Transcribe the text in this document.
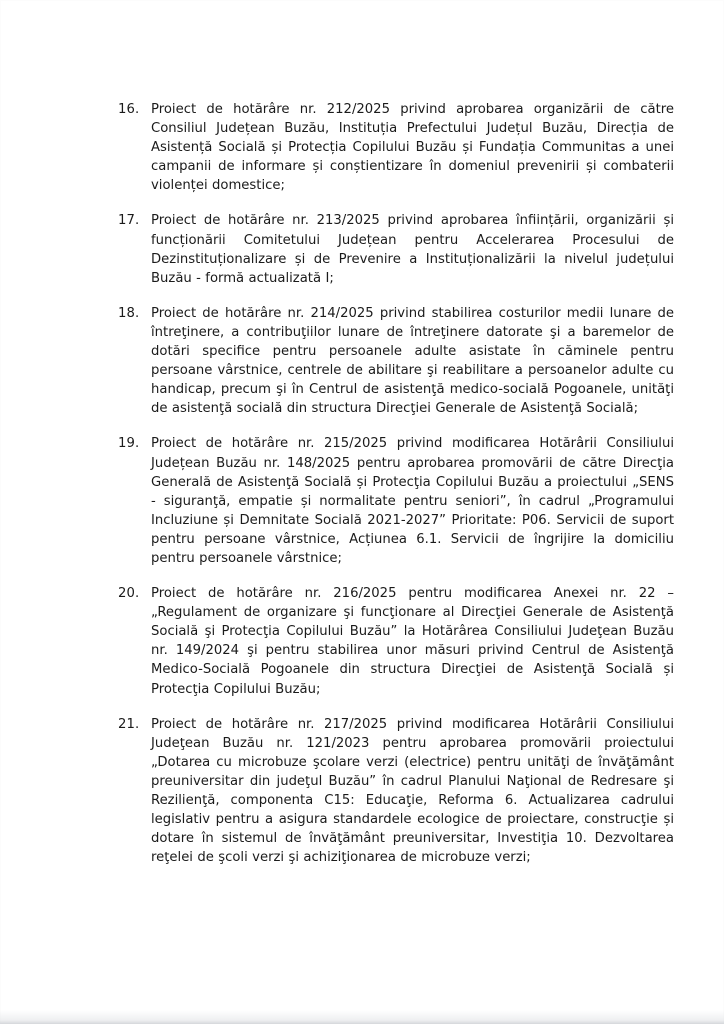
16. Proiect de hotărâre nr. 212/2025 privind aprobarea organizării de către Consiliul Județean Buzău, Instituția Prefectului Județul Buzău, Direcția de Asistență Socială și Protecția Copilului Buzău și Fundația Communitas a unei campanii de informare și conștientizare în domeniul prevenirii și combaterii violenței domestice;
17. Proiect de hotărâre nr. 213/2025 privind aprobarea înființării, organizării și funcționării Comitetului Județean pentru Accelerarea Procesului de Dezinstituționalizare și de Prevenire a Instituționalizării la nivelul județului Buzău - formă actualizată I;
18. Proiect de hotărâre nr. 214/2025 privind stabilirea costurilor medii lunare de întreţinere, a contribuţiilor lunare de întreţinere datorate şi a baremelor de dotări specifice pentru persoanele adulte asistate în căminele pentru persoane vârstnice, centrele de abilitare şi reabilitare a persoanelor adulte cu handicap, precum şi în Centrul de asistenţă medico-socială Pogoanele, unităţi de asistenţă socială din structura Direcţiei Generale de Asistenţă Socială;
19. Proiect de hotărâre nr. 215/2025 privind modificarea Hotărârii Consiliului Județean Buzău nr. 148/2025 pentru aprobarea promovării de către Direcţia Generală de Asistenţă Socială și Protecţia Copilului Buzău a proiectului „SENS - siguranţă, empatie și normalitate pentru seniori”, în cadrul „Programului Incluziune și Demnitate Socială 2021-2027” Prioritate: P06. Servicii de suport pentru persoane vârstnice, Acțiunea 6.1. Servicii de îngrijire la domiciliu pentru persoanele vârstnice;
20. Proiect de hotărâre nr. 216/2025 pentru modificarea Anexei nr. 22 – „Regulament de organizare şi funcţionare al Direcţiei Generale de Asistenţă Socială şi Protecţia Copilului Buzău” la Hotărârea Consiliului Judeţean Buzău nr. 149/2024 şi pentru stabilirea unor măsuri privind Centrul de Asistenţă Medico-Socială Pogoanele din structura Direcţiei de Asistenţă Socială și Protecţia Copilului Buzău;
21. Proiect de hotărâre nr. 217/2025 privind modificarea Hotărârii Consiliului Judeţean Buzău nr. 121/2023 pentru aprobarea promovării proiectului „Dotarea cu microbuze şcolare verzi (electrice) pentru unităţi de învăţământ preuniversitar din judeţul Buzău” în cadrul Planului Naţional de Redresare şi Rezilienţă, componenta C15: Educaţie, Reforma 6. Actualizarea cadrului legislativ pentru a asigura standardele ecologice de proiectare, construcţie și dotare în sistemul de învăţământ preuniversitar, Investiţia 10. Dezvoltarea reţelei de şcoli verzi şi achiziţionarea de microbuze verzi;
